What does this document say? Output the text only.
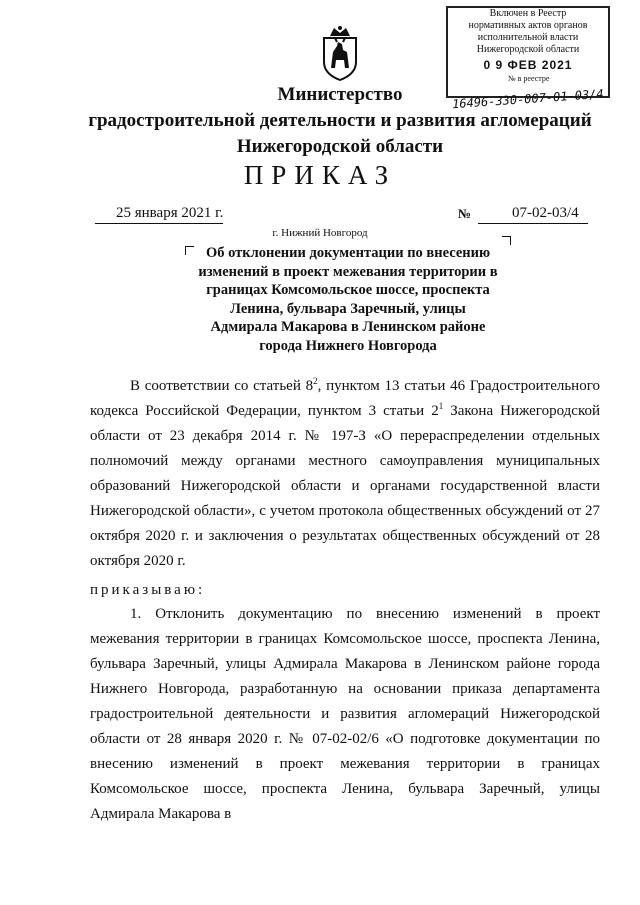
Включен в Реестр
нормативных актов органов
исполнительной власти
Нижегородской области
0 9 ФЕВ 2021
№ в реестре
16496-330-007-01-03/4
Министерство
градостроительной деятельности и развития агломераций
Нижегородской области
ПРИКАЗ
25 января 2021 г.	№	07-02-03/4
г. Нижний Новгород
Об отклонении документации по внесению
изменений в проект межевания территории в
границах Комсомольское шоссе, проспекта
Ленина, бульвара Заречный, улицы
Адмирала Макарова в Ленинском районе
города Нижнего Новгорода
В соответствии со статьей $8^2$, пунктом 13 статьи 46 Градостроительного кодекса Российской Федерации, пунктом 3 статьи $2^1$ Закона Нижегородской области от 23 декабря 2014 г. № 197-З «О перераспределении отдельных полномочий между органами местного самоуправления муниципальных образований Нижегородской области и органами государственной власти Нижегородской области», с учетом протокола общественных обсуждений от 27 октября 2020 г. и заключения о результатах общественных обсуждений от 28 октября 2020 г.
приказываю:
1. Отклонить документацию по внесению изменений в проект межевания территории в границах Комсомольское шоссе, проспекта Ленина, бульвара Заречный, улицы Адмирала Макарова в Ленинском районе города Нижнего Новгорода, разработанную на основании приказа департамента градостроительной деятельности и развития агломераций Нижегородской области от 28 января 2020 г. № 07-02-02/6 «О подготовке документации по внесению изменений в проект межевания территории в границах Комсомольское шоссе, проспекта Ленина, бульвара Заречный, улицы Адмирала Макарова в
